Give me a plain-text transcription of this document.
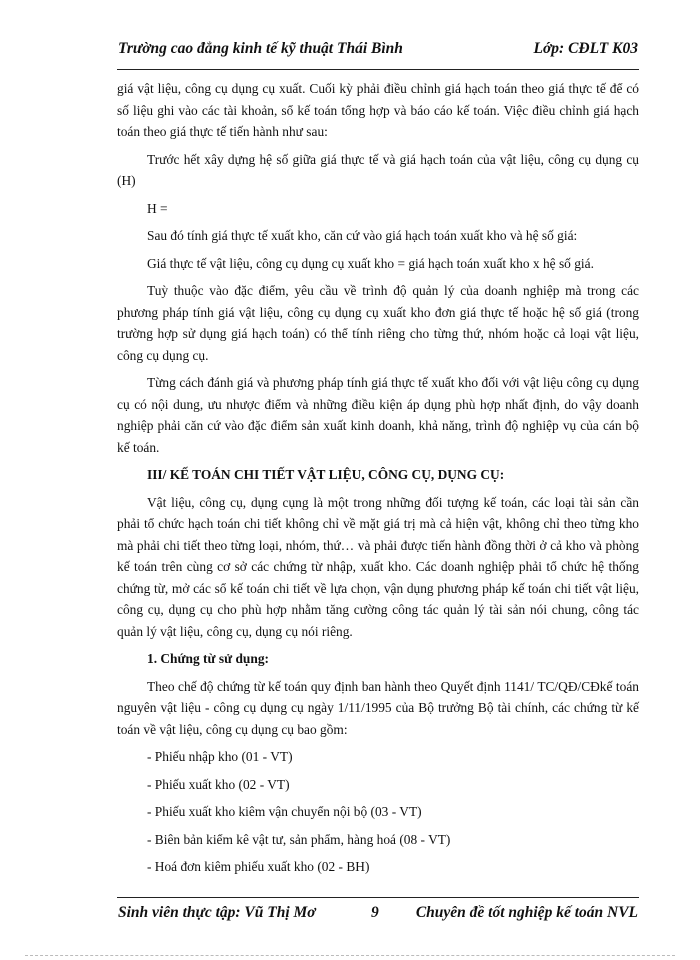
Trường cao đẳng kinh tế kỹ thuật Thái Bình	Lớp: CĐLT K03

giá vật liệu, công cụ dụng cụ xuất. Cuối kỳ phải điều chỉnh giá hạch toán theo giá thực tế để có số liệu ghi vào các tài khoản, sổ kế toán tổng hợp và báo cáo kế toán. Việc điều chỉnh giá hạch toán theo giá thực tế tiến hành như sau:

Trước hết xây dựng hệ số giữa giá thực tế và giá hạch toán của vật liệu, công cụ dụng cụ (H)

H =

Sau đó tính giá thực tế xuất kho, căn cứ vào giá hạch toán xuất kho và hệ số giá:

Giá thực tế vật liệu, công cụ dụng cụ xuất kho = giá hạch toán xuất kho x hệ số giá.

Tuỳ thuộc vào đặc điểm, yêu cầu về trình độ quản lý của doanh nghiệp mà trong các phương pháp tính giá vật liệu, công cụ dụng cụ xuất kho đơn giá thực tế hoặc hệ số giá (trong trường hợp sử dụng giá hạch toán) có thể tính riêng cho từng thứ, nhóm hoặc cả loại vật liệu, công cụ dụng cụ.

Từng cách đánh giá và phương pháp tính giá thực tế xuất kho đối với vật liệu công cụ dụng cụ có nội dung, ưu nhược điểm và những điều kiện áp dụng phù hợp nhất định, do vậy doanh nghiệp phải căn cứ vào đặc điểm sản xuất kinh doanh, khả năng, trình độ nghiệp vụ của cán bộ kế toán.

III/ KẾ TOÁN CHI TIẾT VẬT LIỆU, CÔNG CỤ, DỤNG CỤ:

Vật liệu, công cụ, dụng cụng là một trong những đối tượng kế toán, các loại tài sản cần phải tổ chức hạch toán chi tiết không chỉ về mặt giá trị mà cả hiện vật, không chỉ theo từng kho mà phải chi tiết theo từng loại, nhóm, thứ… và phải được tiến hành đồng thời ở cả kho và phòng kế toán trên cùng cơ sở các chứng từ nhập, xuất kho. Các doanh nghiệp phải tổ chức hệ thống chứng từ, mở các sổ kế toán chi tiết về lựa chọn, vận dụng phương pháp kế toán chi tiết vật liệu, công cụ, dụng cụ cho phù hợp nhằm tăng cường công tác quản lý tài sản nói chung, công tác quản lý vật liệu, công cụ, dụng cụ nói riêng.

1. Chứng từ sử dụng:

Theo chế độ chứng từ kế toán quy định ban hành theo Quyết định 1141/ TC/QĐ/CĐkế toán nguyên vật liệu - công cụ dụng cụ ngày 1/11/1995 của Bộ trưởng Bộ tài chính, các chứng từ kế toán về vật liệu, công cụ dụng cụ bao gồm:

- Phiếu nhập kho (01 - VT)

- Phiếu xuất kho (02 - VT)

- Phiếu xuất kho kiêm vận chuyển nội bộ (03 - VT)

- Biên bản kiểm kê vật tư, sản phẩm, hàng hoá (08 - VT)

- Hoá đơn kiêm phiếu xuất kho (02 - BH)

Sinh viên thực tập: Vũ Thị Mơ	9 Chuyên đề tốt nghiệp kế toán NVL
